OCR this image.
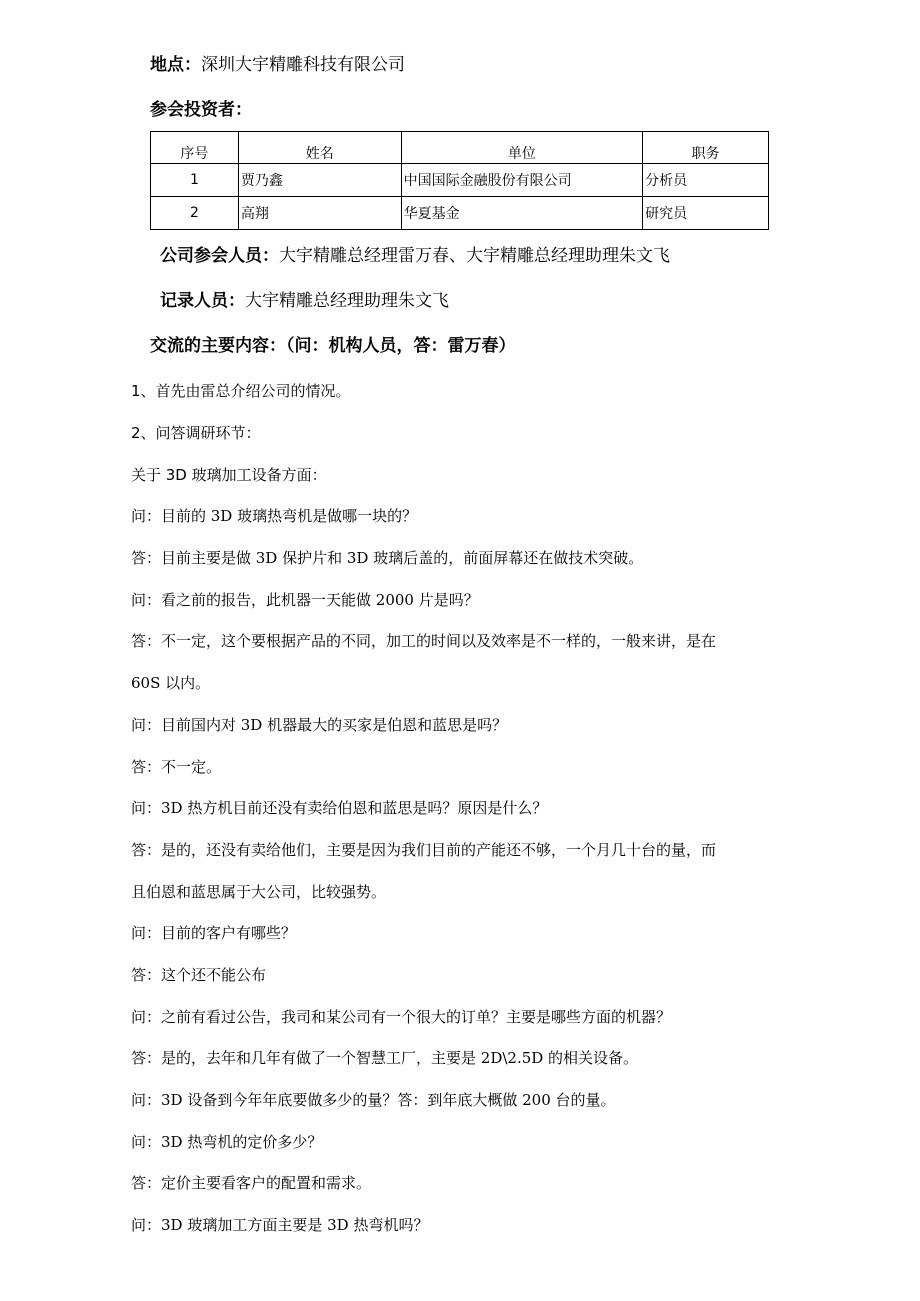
地点：深圳大宇精雕科技有限公司
参会投资者：
序号	姓名	单位	职务
1	贾乃鑫	中国国际金融股份有限公司	分析员
2	高翔	华夏基金	研究员
公司参会人员：大宇精雕总经理雷万春、大宇精雕总经理助理朱文飞
记录人员：大宇精雕总经理助理朱文飞
交流的主要内容：（问：机构人员，答：雷万春）
1、首先由雷总介绍公司的情况。
2、问答调研环节：
关于 3D 玻璃加工设备方面：
问：目前的 3D 玻璃热弯机是做哪一块的？
答：目前主要是做 3D 保护片和 3D 玻璃后盖的，前面屏幕还在做技术突破。
问：看之前的报告，此机器一天能做 2000 片是吗？
答：不一定，这个要根据产品的不同，加工的时间以及效率是不一样的，一般来讲，是在
60S 以内。
问：目前国内对 3D 机器最大的买家是伯恩和蓝思是吗？
答：不一定。
问：3D 热方机目前还没有卖给伯恩和蓝思是吗？原因是什么？
答：是的，还没有卖给他们，主要是因为我们目前的产能还不够，一个月几十台的量，而
且伯恩和蓝思属于大公司，比较强势。
问：目前的客户有哪些？
答：这个还不能公布
问：之前有看过公告，我司和某公司有一个很大的订单？主要是哪些方面的机器？
答：是的，去年和几年有做了一个智慧工厂，主要是 2D\2.5D 的相关设备。
问：3D 设备到今年年底要做多少的量？答：到年底大概做 200 台的量。
问：3D 热弯机的定价多少？
答：定价主要看客户的配置和需求。
问：3D 玻璃加工方面主要是 3D 热弯机吗？
